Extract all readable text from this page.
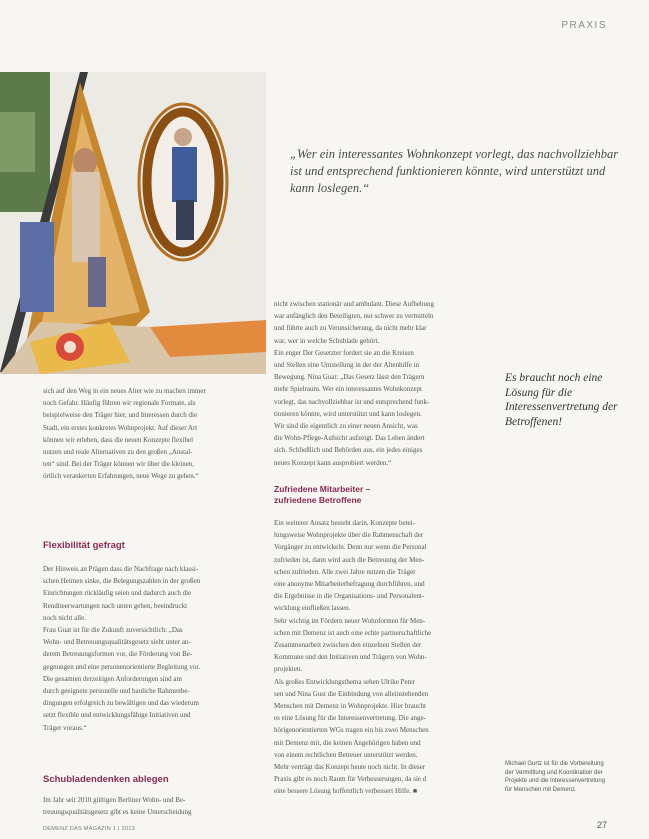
PRAXIS
„Wer ein interessantes Wohnkonzept vorlegt, das nachvollziehbar ist und entsprechend funktionieren könnte, wird unterstützt und kann loslegen.“
Es braucht noch eine Lösung für die Interessenvertretung der Betroffenen!

sich auf den Weg in ein neues Alter wie zu machen immer

noch Gefahr. Häufig führen wir regionale Formate, als

beispielweise den Träger hier, und Interessen durch die

Stadt, ein erstes konkretes Wohnprojekt. Auf dieser Art

können wir erleben, dass die neuen Konzepte flexibel

nutzen und reale Alternativen zu den großen „Anstal-

ten“ sind. Bei der Träger können wir über die kleinen,

örtlich verankerten Erfahrungen, neue Wege zu gehen.“

Flexibilität gefragt

Der Hinweis an Prägen dass die Nachfrage nach klassi-

schen Heimen sinke, die Belegungszahlen in der großen

Einrichtungen rückläufig seien und dadurch auch die

Renditeerwartungen nach unten gehen, beeindruckt

noch nicht alle.

Frau Guat ist für die Zukunft zuversichtlich: „Das

Wohn- und Betreuungsqualitätsgesetz sieht unter an-

derem Betreuungsformen vor, die Förderung von Be-

gegnungen und eine personenorientierte Begleitung vor.

Die gesamten derzeitigen Anforderungen sind am

durch geeignete personelle und bauliche Rahmenbe-

dingungen erfolgreich zu bewältigen und das wiederum

setzt flexible und entwicklungsfähige Initiativen und

Träger voraus.“

Schubladendenken ablegen

Im Jahr seit 2010 gültigen Berliner Wohn- und Be-

treuungsqualitätsgesetz gibt es keine Unterscheidung

nicht zwischen stationär und ambulant. Diese Aufhebung

war anfänglich den Beteiligten, nur schwer zu vermitteln

und führte auch zu Verunsicherung, da nicht mehr klar

war, wer in welche Schublade gehört.

Ein enger Der Gesetzter fordert sie an die Kreisen

und Stellen eine Umstellung in der der Altenhilfe in

Bewegung. Nina Guat: „Das Gesetz lässt den Trägern

mehr Spielraum. Wer ein interessantes Wohnkonzept

vorlegt, das nachvollziehbar ist und entsprechend funk-

tionieren könnte, wird unterstützt und kann loslegen.

Wir sind die eigentlich zu einer neuen Ansicht, was

die Wohn-Pflege-Aufsicht aufzeigt. Das Leben ändert

sich. Schließlich und Behörden aus, ein jedes einiges

neues Konzept kann ausprobiert werden.“

Zufriedene Mitarbeiter –
zufriedene Betroffene

Ein weiterer Ansatz besteht darin, Konzepte betei-

lungsweise Wohnprojekte über die Rahmenschaft der

Vorgänger zu entwickeln. Denn nur wenn die Personal

zufrieden ist, dann wird auch die Betreuung der Men-

schen zufrieden. Alle zwei Jahre nutzen die Träger

eine anonyme Mitarbeiterbefragung durchführen, und

die Ergebnisse in die Organisations- und Personalent-

wicklung einfließen lassen.

Sehr wichtig im Fördern neuer Wohnformen für Men-

schen mit Demenz ist auch eine echte partnerschaftliche

Zusammenarbeit zwischen den einzelnen Stellen der

Kommune und den Initiativen und Trägern von Wohn-

projekten.

Als großes Entwicklungsthema sehen Ulrike Peter

sen und Nina Gust die Einbindung von alleinstehenden

Menschen mit Demenz in Wohnprojekte. Hier braucht

es eine Lösung für die Interessenvertretung. Die ange-

hörigenorientierten WGs tragen ein bis zwei Menschen

mit Demenz mit, die keinen Angehörigen haben und

von einem rechtlichen Betreuer unterstützt werden.

Mehr verträgt das Konzept heute noch nicht. In dieser

Praxis gibt es noch Raum für Verbesserungen, da sie d

eine bessere Lösung hoffentlich verbessert Hilfe. ■

Michael Gurtz ist für die Vorbereitung der Vermittlung und Koordination der Projekte und die Interessenvertretung für Menschen mit Demenz.
DEMENZ DAS MAGAZIN 1 | 2013	27
